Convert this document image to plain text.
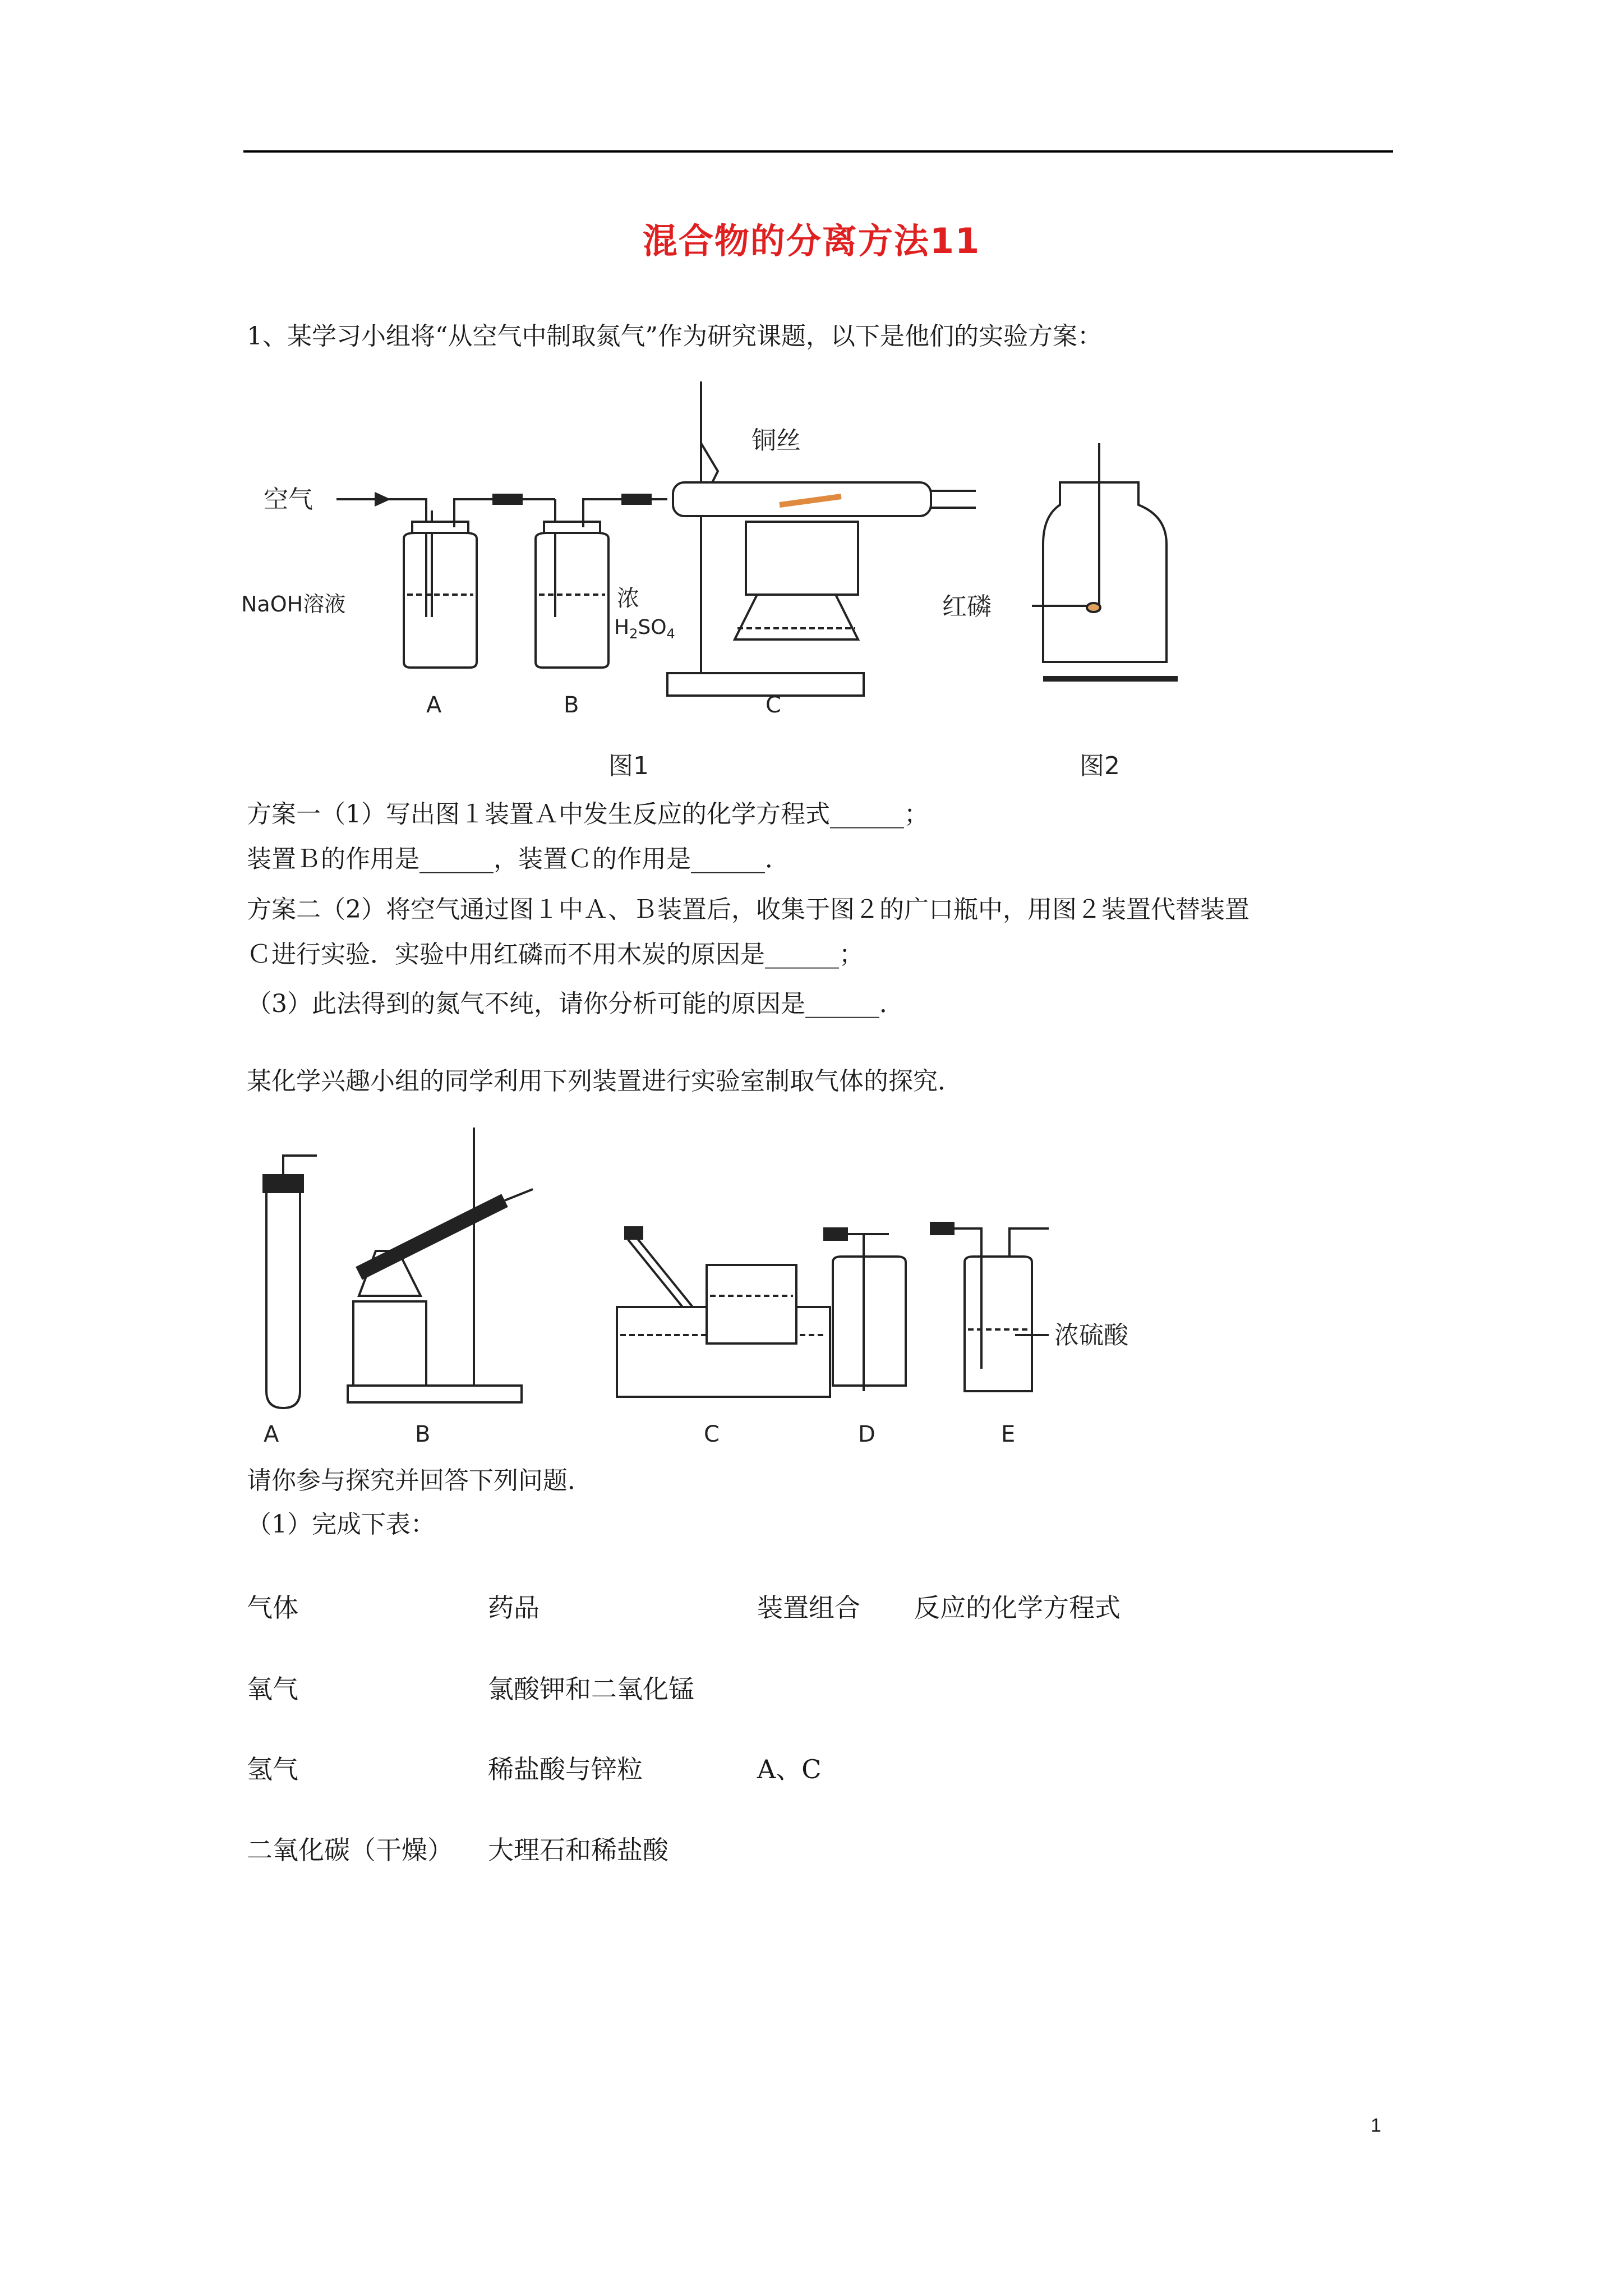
混合物的分离方法11
1、某学习小组将“从空气中制取氮气”作为研究课题，以下是他们的实验方案：
空气
NaOH溶液	浓
$H_2SO_4$
铜丝
A	B	C
图1
红磷
图2
方案一（1）写出图１装置Ａ中发生反应的化学方程式______；
装置Ｂ的作用是______，装置Ｃ的作用是______．
方案二（2）将空气通过图１中Ａ、Ｂ装置后，收集于图２的广口瓶中，用图２装置代替装置
Ｃ进行实验．实验中用红磷而不用木炭的原因是______；
（3）此法得到的氮气不纯，请你分析可能的原因是______．
某化学兴趣小组的同学利用下列装置进行实验室制取气体的探究．
A	B	C	D	E
浓硫酸
请你参与探究并回答下列问题．
（1）完成下表：
气体	药品	装置组合 反应的化学方程式
氧气	氯酸钾和二氧化锰
氢气	稀盐酸与锌粒	A、C
二氧化碳（干燥） 大理石和稀盐酸
1
